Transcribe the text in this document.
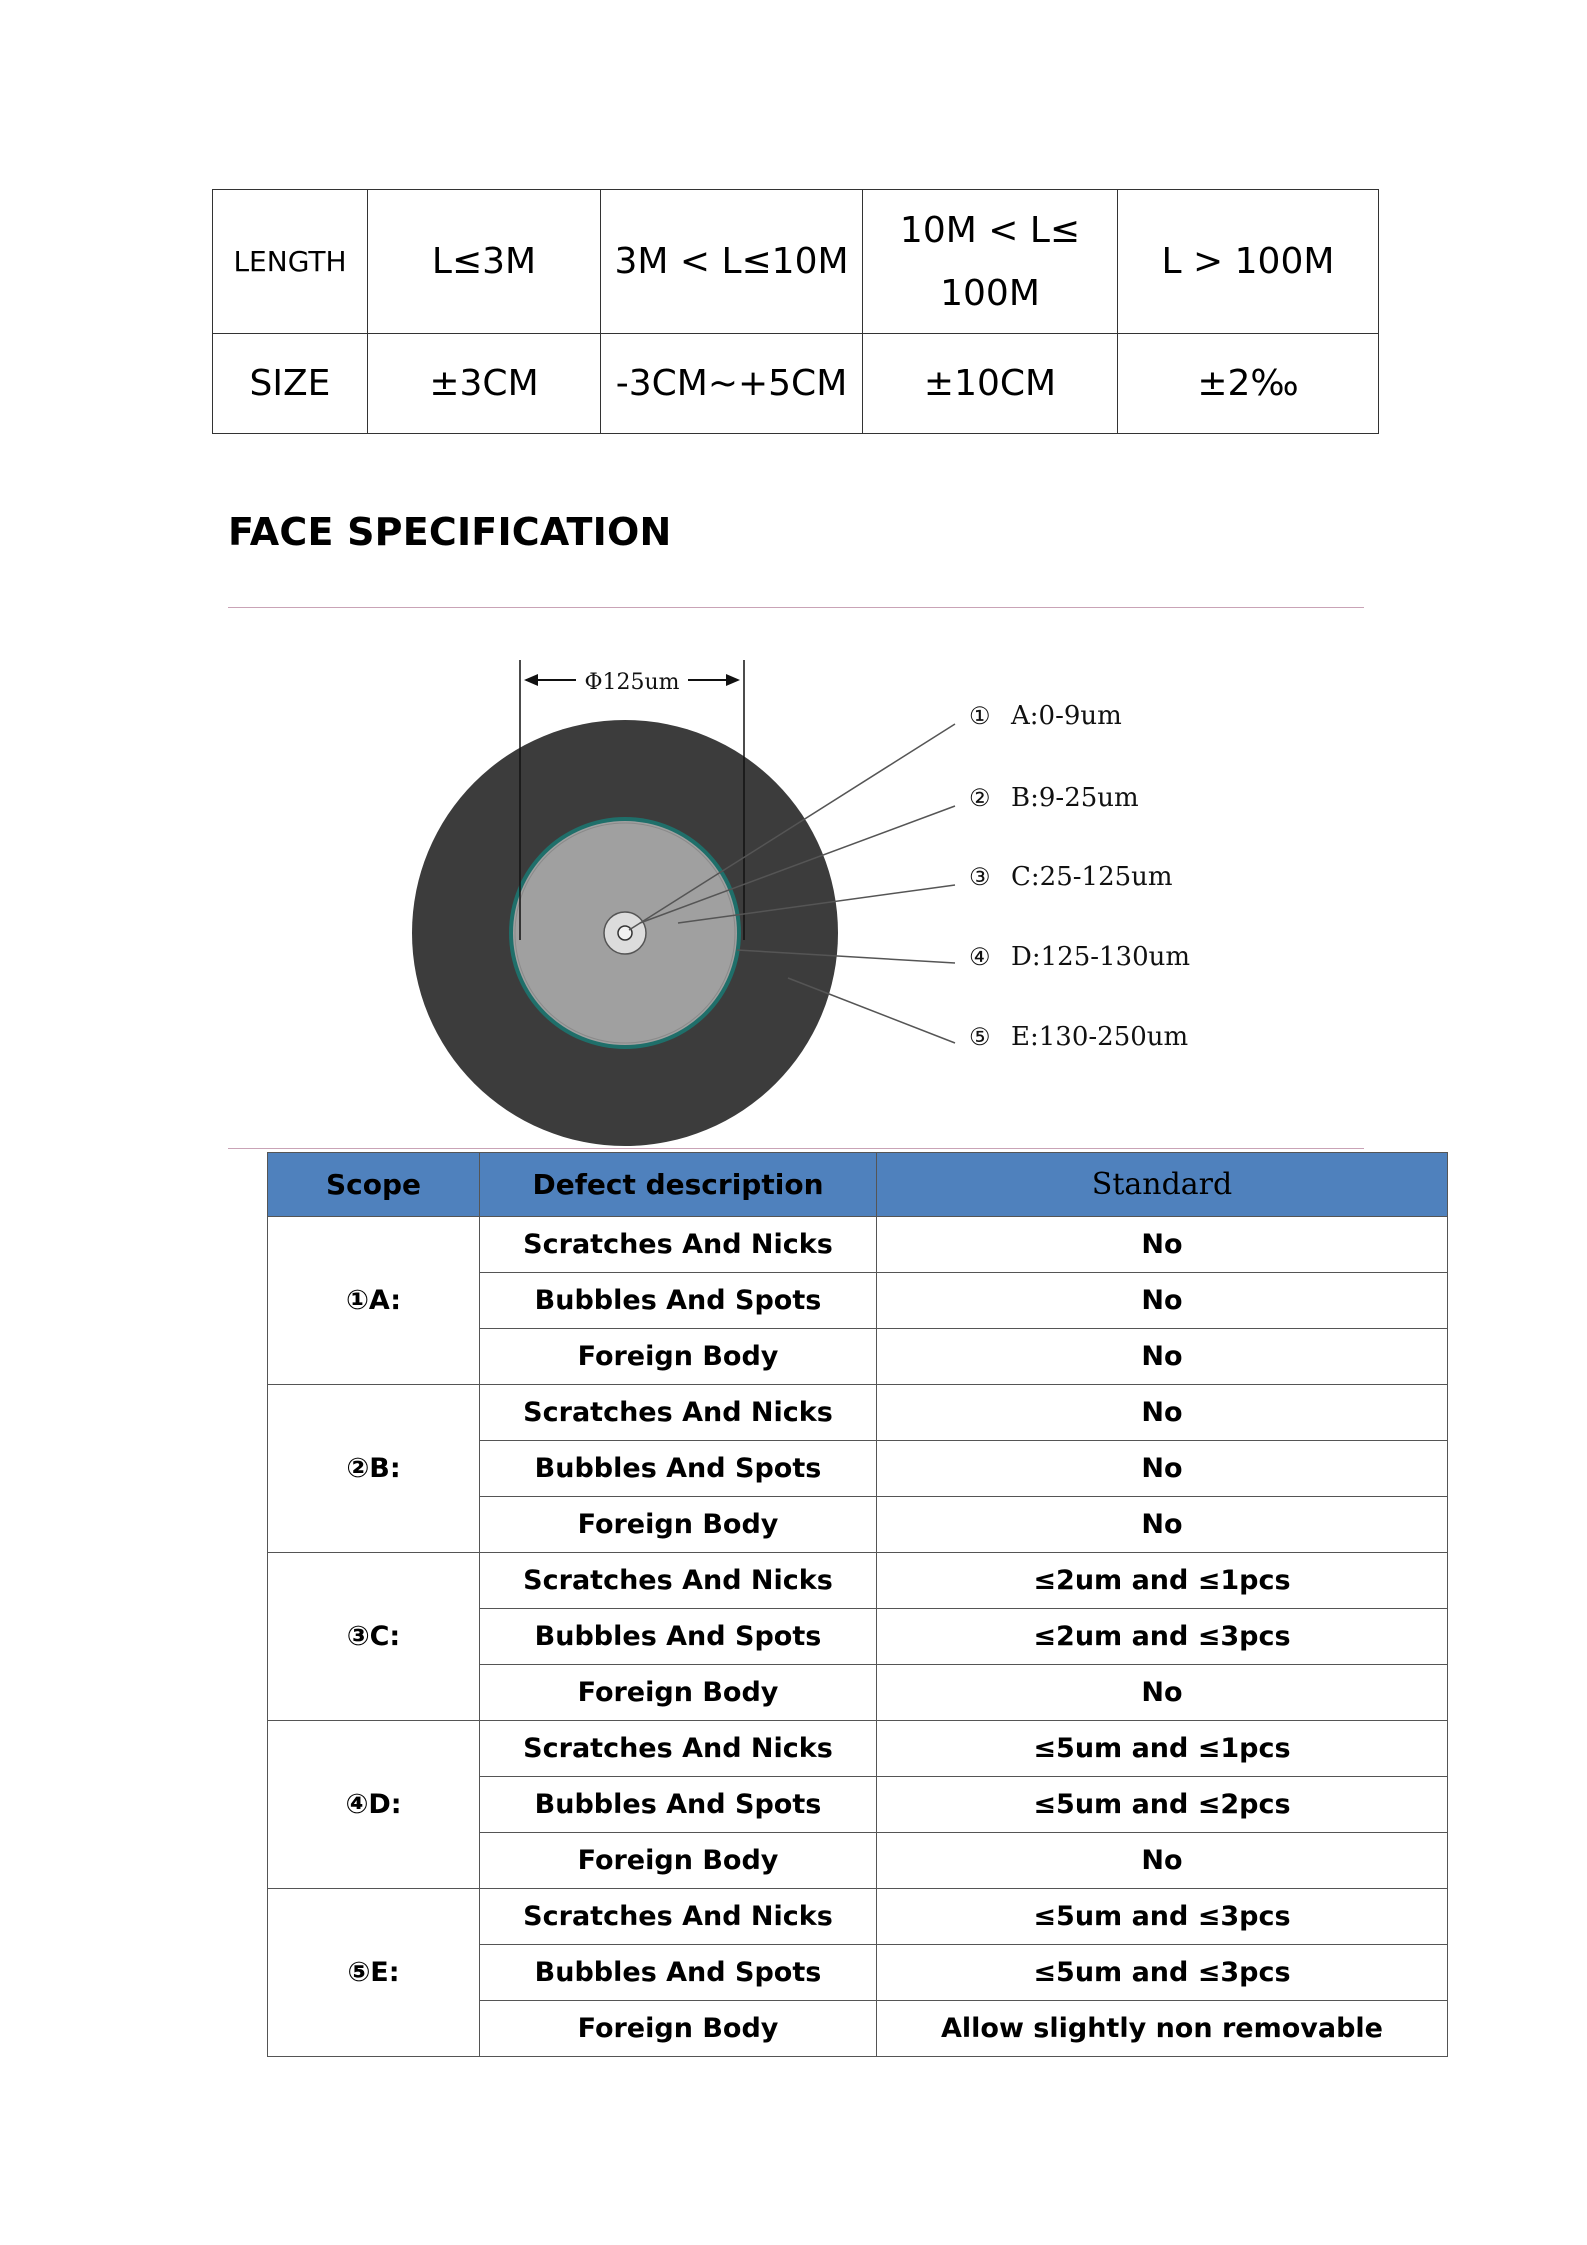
LENGTH	L≤3M	3M < L≤10M	10M < L≤ 100M	L > 100M
SIZE	±3CM	-3CM~+5CM	±10CM	±2‰
FACE SPECIFICATION
Φ125um
① A:0-9um
② B:9-25um
③ C:25-125um
④ D:125-130um
⑤ E:130-250um
Scope	Defect description	Standard
①A:	Scratches And Nicks	No
	Bubbles And Spots	No
	Foreign Body	No
②B:	Scratches And Nicks	No
	Bubbles And Spots	No
	Foreign Body	No
③C:	Scratches And Nicks	≤2um and ≤1pcs
	Bubbles And Spots	≤2um and ≤3pcs
	Foreign Body	No
④D:	Scratches And Nicks	≤5um and ≤1pcs
	Bubbles And Spots	≤5um and ≤2pcs
	Foreign Body	No
⑤E:	Scratches And Nicks	≤5um and ≤3pcs
	Bubbles And Spots	≤5um and ≤3pcs
	Foreign Body	Allow slightly non removable
